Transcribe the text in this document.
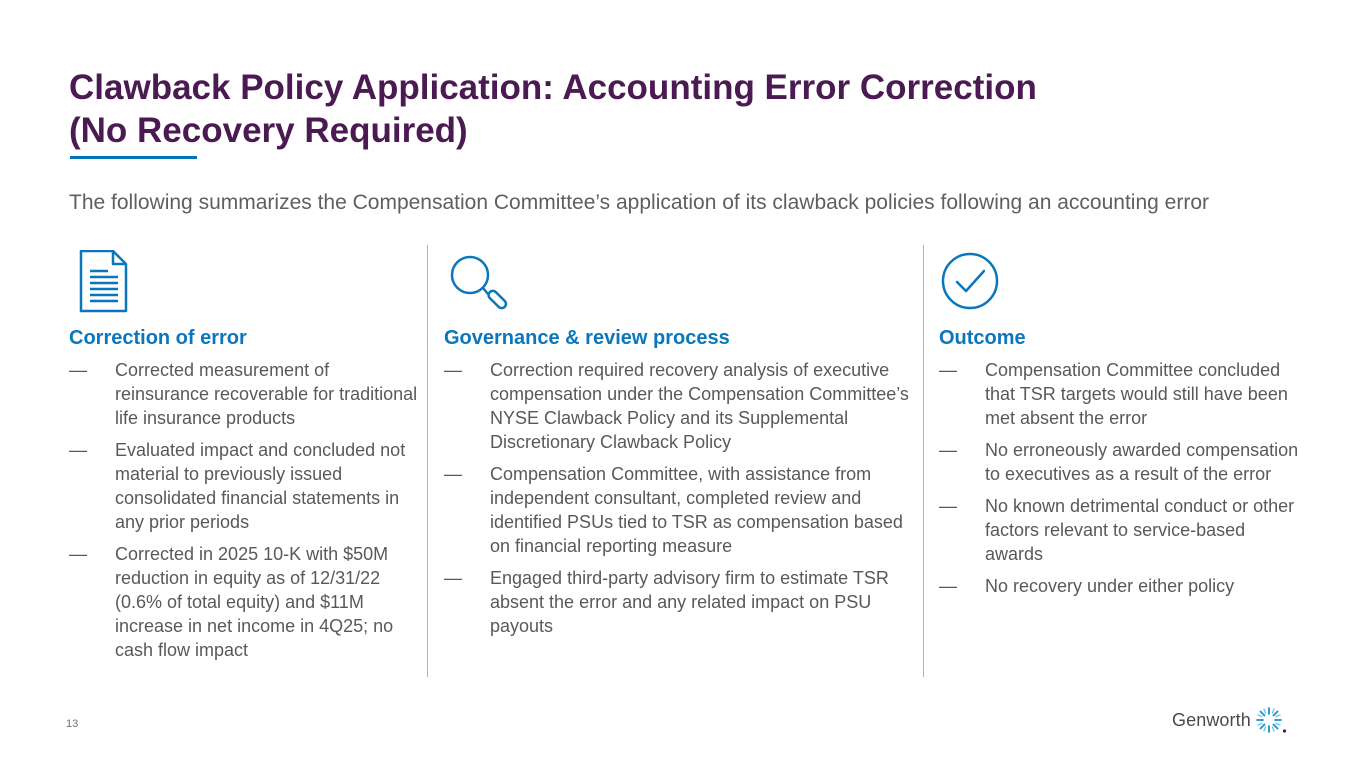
Clawback Policy Application: Accounting Error Correction
(No Recovery Required)
The following summarizes the Compensation Committee’s application of its clawback policies following an accounting error
Correction of error
— Corrected measurement of reinsurance recoverable for traditional life insurance products
— Evaluated impact and concluded not material to previously issued consolidated financial statements in any prior periods
— Corrected in 2025 10-K with $50M reduction in equity as of 12/31/22 (0.6% of total equity) and $11M increase in net income in 4Q25; no cash flow impact
Governance & review process
— Correction required recovery analysis of executive compensation under the Compensation Committee’s NYSE Clawback Policy and its Supplemental Discretionary Clawback Policy
— Compensation Committee, with assistance from independent consultant, completed review and identified PSUs tied to TSR as compensation based on financial reporting measure
— Engaged third-party advisory firm to estimate TSR absent the error and any related impact on PSU payouts
Outcome
— Compensation Committee concluded that TSR targets would still have been met absent the error
— No erroneously awarded compensation to executives as a result of the error
— No known detrimental conduct or other factors relevant to service-based awards
— No recovery under either policy
13	Genworth
